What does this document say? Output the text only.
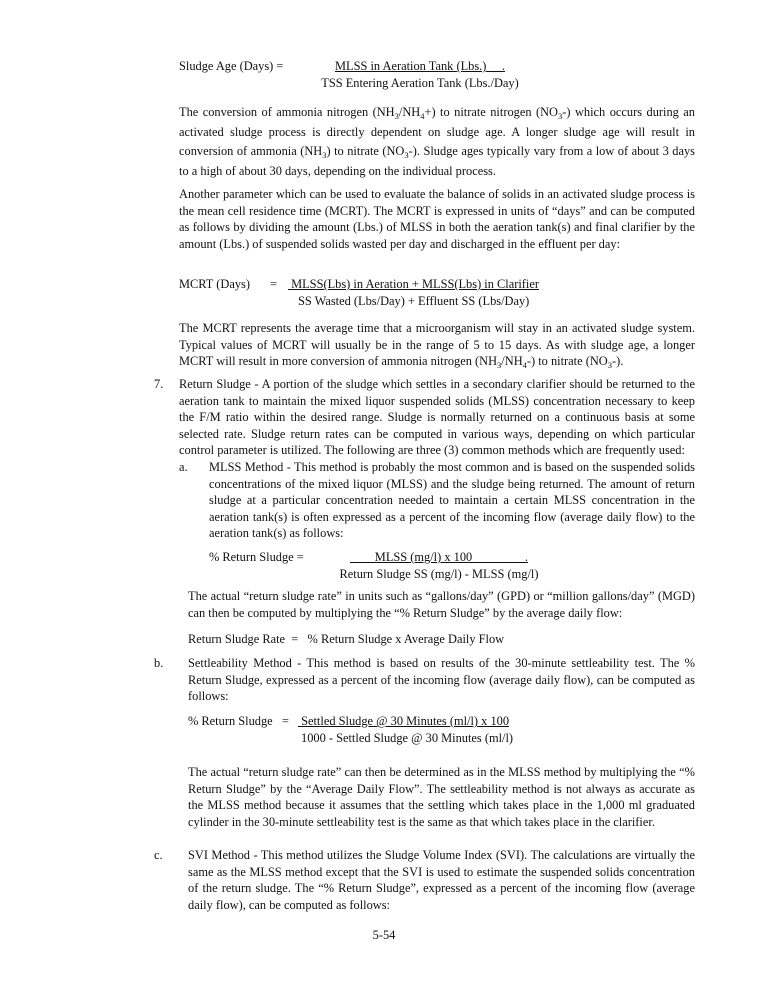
Sludge Age (Days) =	MLSS in Aeration Tank (Lbs.)     .
TSS Entering Aeration Tank (Lbs./Day)

The conversion of ammonia nitrogen $(NH_3/NH_4+)$ to nitrate nitrogen $(NO_3-)$ which occurs during an activated sludge process is directly dependent on sludge age. A longer sludge age will result in conversion of ammonia $(NH_3)$ to nitrate $(NO_3-)$. Sludge ages typically vary from a low of about 3 days to a high of about 30 days, depending on the individual process.

Another parameter which can be used to evaluate the balance of solids in an activated sludge process is the mean cell residence time (MCRT). The MCRT is expressed in units of “days” and can be computed as follows by dividing the amount (Lbs.) of MLSS in both the aeration tank(s) and final clarifier by the amount (Lbs.) of suspended solids wasted per day and discharged in the effluent per day:

MCRT (Days) = MLSS(Lbs) in Aeration + MLSS(Lbs) in Clarifier
SS Wasted (Lbs/Day) + Effluent SS (Lbs/Day)

The MCRT represents the average time that a microorganism will stay in an activated sludge system. Typical values of MCRT will usually be in the range of 5 to 15 days. As with sludge age, a longer MCRT will result in more conversion of ammonia nitrogen $(NH_3/NH_4-)$ to nitrate $(NO_3-)$.

7. Return Sludge - A portion of the sludge which settles in a secondary clarifier should be returned to the aeration tank to maintain the mixed liquor suspended solids (MLSS) concentration necessary to keep the F/M ratio within the desired range. Sludge is normally returned on a continuous basis at some selected rate. Sludge return rates can be computed in various ways, depending on which particular control parameter is utilized. The following are three (3) common methods which are frequently used:

a. MLSS Method - This method is probably the most common and is based on the suspended solids concentrations of the mixed liquor (MLSS) and the sludge being returned. The amount of return sludge at a particular concentration needed to maintain a certain MLSS concentration in the aeration tank(s) is often expressed as a percent of the incoming flow (average daily flow) to the aeration tank(s) as follows:

% Return Sludge =	MLSS (mg/l) x 100                 .
Return Sludge SS (mg/l) - MLSS (mg/l)

The actual “return sludge rate” in units such as “gallons/day” (GPD) or “million gallons/day” (MGD) can then be computed by multiplying the “% Return Sludge” by the average daily flow:

Return Sludge Rate  =   % Return Sludge x Average Daily Flow
b. Settleability Method - This method is based on results of the 30-minute settleability test. The % Return Sludge, expressed as a percent of the incoming flow (average daily flow), can be computed as follows:

% Return Sludge   = Settled Sludge @ 30 Minutes (ml/l) x 100
1000 - Settled Sludge @ 30 Minutes (ml/l)

The actual “return sludge rate” can then be determined as in the MLSS method by multiplying the “% Return Sludge” by the “Average Daily Flow”. The settleability method is not always as accurate as the MLSS method because it assumes that the settling which takes place in the 1,000 ml graduated cylinder in the 30-minute settleability test is the same as that which takes place in the clarifier.

c. SVI Method - This method utilizes the Sludge Volume Index (SVI). The calculations are virtually the same as the MLSS method except that the SVI is used to estimate the suspended solids concentration of the return sludge. The “% Return Sludge”, expressed as a percent of the incoming flow (average daily flow), can be computed as follows:

5-54
